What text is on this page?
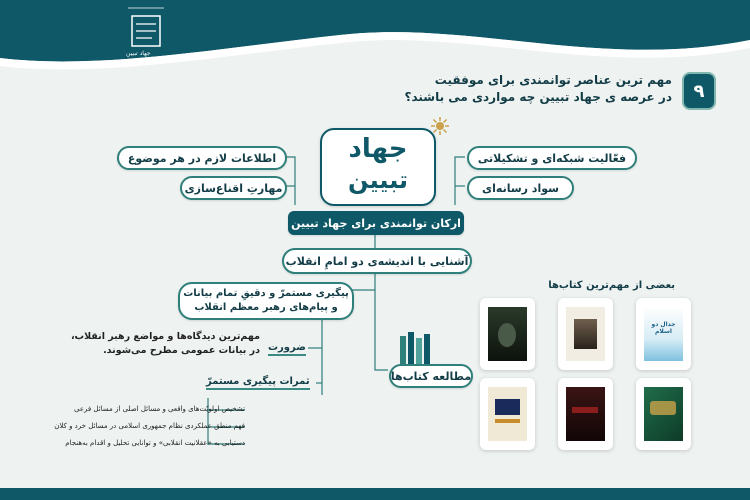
جهاد تبیین
مهم ترین عناصر توانمندی برای موفقیت
در عرصه ی جهاد تبیین چه مواردی می باشند؟ ۹
جهاد
تبیین
ارکان توانمندی برای جهاد تبیین
اطلاعات لازم در هر موضوع
مهارتِ اقناع‌سازی
فعّالیت شبکه‌ای و تشکیلاتی
سواد رسانه‌ای
آشنایی با اندیشه‌ی دو امامِ انقلاب
پیگیری مستمرّ و دقیقِ تمام بیانات
و پیام‌های رهبر معظم انقلاب
ضرورت
مهم‌ترین دیدگاه‌ها و مواضع رهبر انقلاب،
در بیانات عمومی مطرح می‌شوند.
ثمرات پیگیری مستمرّ
تشخیص اولویّت‌های واقعی و مسائل اصلی از مسائل فرعی
فهم منطق عملکردی نظام جمهوری اسلامی در مسائل خرد و کلان
دستیابی به «عقلانیت انقلابی» و توانایی تحلیل و اقدام به‌هنجام
مطالعه کتاب‌ها
بعضی از مهم‌ترین کتاب‌ها
جدال دو اسلام
